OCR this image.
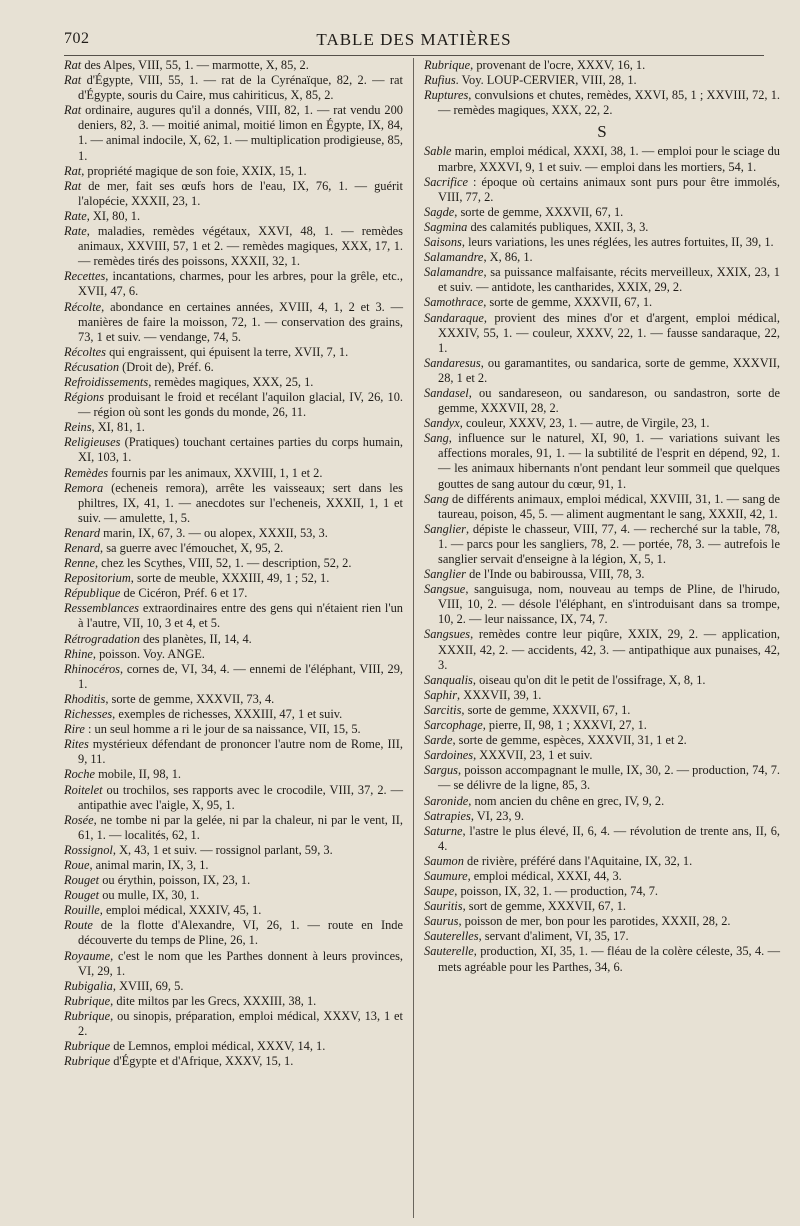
702	TABLE DES MATIÈRES
Rat des Alpes, VIII, 55, 1. — marmotte, X, 85, 2.
Rat d'Égypte, VIII, 55, 1. — rat de la Cyrénaïque, 82, 2. — rat d'Égypte, souris du Caire, mus cahiriticus, X, 85, 2.
Rat ordinaire, augures qu'il a donnés, VIII, 82, 1. — rat vendu 200 deniers, 82, 3. — moitié animal, moitié limon en Égypte, IX, 84, 1. — animal indocile, X, 62, 1. — multiplication prodigieuse, 85, 1.
Rat, propriété magique de son foie, XXIX, 15, 1.
Rat de mer, fait ses œufs hors de l'eau, IX, 76, 1. — guérit l'alopécie, XXXII, 23, 1.
Rate, XI, 80, 1.
Rate, maladies, remèdes végétaux, XXVI, 48, 1. — remèdes animaux, XXVIII, 57, 1 et 2. — remèdes magiques, XXX, 17, 1. — remèdes tirés des poissons, XXXII, 32, 1.
Recettes, incantations, charmes, pour les arbres, pour la grêle, etc., XVII, 47, 6.
Récolte, abondance en certaines années, XVIII, 4, 1, 2 et 3. — manières de faire la moisson, 72, 1. — conservation des grains, 73, 1 et suiv. — vendange, 74, 5.
Récoltes qui engraissent, qui épuisent la terre, XVII, 7, 1.
Récusation (Droit de), Préf. 6.
Refroidissements, remèdes magiques, XXX, 25, 1.
Régions produisant le froid et recélant l'aquilon glacial, IV, 26, 10. — région où sont les gonds du monde, 26, 11.
Reins, XI, 81, 1.
Religieuses (Pratiques) touchant certaines parties du corps humain, XI, 103, 1.
Remèdes fournis par les animaux, XXVIII, 1, 1 et 2.
Remora (echeneis remora), arrête les vaisseaux; sert dans les philtres, IX, 41, 1. — anecdotes sur l'echeneis, XXXII, 1, 1 et suiv. — amulette, 1, 5.
Renard marin, IX, 67, 3. — ou alopex, XXXII, 53, 3.
Renard, sa guerre avec l'émouchet, X, 95, 2.
Renne, chez les Scythes, VIII, 52, 1. — description, 52, 2.
Repositorium, sorte de meuble, XXXIII, 49, 1 ; 52, 1.
République de Cicéron, Préf. 6 et 17.
Ressemblances extraordinaires entre des gens qui n'étaient rien l'un à l'autre, VII, 10, 3 et 4, et 5.
Rétrogradation des planètes, II, 14, 4.
Rhine, poisson. Voy. ANGE.
Rhinocéros, cornes de, VI, 34, 4. — ennemi de l'éléphant, VIII, 29, 1.
Rhoditis, sorte de gemme, XXXVII, 73, 4.
Richesses, exemples de richesses, XXXIII, 47, 1 et suiv.
Rire : un seul homme a ri le jour de sa naissance, VII, 15, 5.
Rites mystérieux défendant de prononcer l'autre nom de Rome, III, 9, 11.
Roche mobile, II, 98, 1.
Roitelet ou trochilos, ses rapports avec le crocodile, VIII, 37, 2. — antipathie avec l'aigle, X, 95, 1.
Rosée, ne tombe ni par la gelée, ni par la chaleur, ni par le vent, II, 61, 1. — localités, 62, 1.
Rossignol, X, 43, 1 et suiv. — rossignol parlant, 59, 3.
Roue, animal marin, IX, 3, 1.
Rouget ou érythin, poisson, IX, 23, 1.
Rouget ou mulle, IX, 30, 1.
Rouille, emploi médical, XXXIV, 45, 1.
Route de la flotte d'Alexandre, VI, 26, 1. — route en Inde découverte du temps de Pline, 26, 1.
Royaume, c'est le nom que les Parthes donnent à leurs provinces, VI, 29, 1.
Rubigalia, XVIII, 69, 5.
Rubrique, dite miltos par les Grecs, XXXIII, 38, 1.
Rubrique, ou sinopis, préparation, emploi médical, XXXV, 13, 1 et 2.
Rubrique de Lemnos, emploi médical, XXXV, 14, 1.
Rubrique d'Égypte et d'Afrique, XXXV, 15, 1.
Rubrique, provenant de l'ocre, XXXV, 16, 1.
Rufius. Voy. LOUP-CERVIER, VIII, 28, 1.
Ruptures, convulsions et chutes, remèdes, XXVI, 85, 1 ; XXVIII, 72, 1. — remèdes magiques, XXX, 22, 2.
S
Sable marin, emploi médical, XXXI, 38, 1. — emploi pour le sciage du marbre, XXXVI, 9, 1 et suiv. — emploi dans les mortiers, 54, 1.
Sacrifice : époque où certains animaux sont purs pour être immolés, VIII, 77, 2.
Sagde, sorte de gemme, XXXVII, 67, 1.
Sagmina des calamités publiques, XXII, 3, 3.
Saisons, leurs variations, les unes réglées, les autres fortuites, II, 39, 1.
Salamandre, X, 86, 1.
Salamandre, sa puissance malfaisante, récits merveilleux, XXIX, 23, 1 et suiv. — antidote, les cantharides, XXIX, 29, 2.
Samothrace, sorte de gemme, XXXVII, 67, 1.
Sandaraque, provient des mines d'or et d'argent, emploi médical, XXXIV, 55, 1. — couleur, XXXV, 22, 1. — fausse sandaraque, 22, 1.
Sandaresus, ou garamantites, ou sandarica, sorte de gemme, XXXVII, 28, 1 et 2.
Sandasel, ou sandareseon, ou sandareson, ou sandastron, sorte de gemme, XXXVII, 28, 2.
Sandyx, couleur, XXXV, 23, 1. — autre, de Virgile, 23, 1.
Sang, influence sur le naturel, XI, 90, 1. — variations suivant les affections morales, 91, 1. — la subtilité de l'esprit en dépend, 92, 1. — les animaux hibernants n'ont pendant leur sommeil que quelques gouttes de sang autour du cœur, 91, 1.
Sang de différents animaux, emploi médical, XXVIII, 31, 1. — sang de taureau, poison, 45, 5. — aliment augmentant le sang, XXXII, 42, 1.
Sanglier, dépiste le chasseur, VIII, 77, 4. — recherché sur la table, 78, 1. — parcs pour les sangliers, 78, 2. — portée, 78, 3. — autrefois le sanglier servait d'enseigne à la légion, X, 5, 1.
Sanglier de l'Inde ou babiroussa, VIII, 78, 3.
Sangsue, sanguisuga, nom, nouveau au temps de Pline, de l'hirudo, VIII, 10, 2. — désole l'éléphant, en s'introduisant dans sa trompe, 10, 2. — leur naissance, IX, 74, 7.
Sangsues, remèdes contre leur piqûre, XXIX, 29, 2. — application, XXXII, 42, 2. — accidents, 42, 3. — antipathique aux punaises, 42, 3.
Sanqualis, oiseau qu'on dit le petit de l'ossifrage, X, 8, 1.
Saphir, XXXVII, 39, 1.
Sarcitis, sorte de gemme, XXXVII, 67, 1.
Sarcophage, pierre, II, 98, 1 ; XXXVI, 27, 1.
Sarde, sorte de gemme, espèces, XXXVII, 31, 1 et 2.
Sardoines, XXXVII, 23, 1 et suiv.
Sargus, poisson accompagnant le mulle, IX, 30, 2. — production, 74, 7. — se délivre de la ligne, 85, 3.
Saronide, nom ancien du chêne en grec, IV, 9, 2.
Satrapies, VI, 23, 9.
Saturne, l'astre le plus élevé, II, 6, 4. — révolution de trente ans, II, 6, 4.
Saumon de rivière, préféré dans l'Aquitaine, IX, 32, 1.
Saumure, emploi médical, XXXI, 44, 3.
Saupe, poisson, IX, 32, 1. — production, 74, 7.
Sauritis, sort de gemme, XXXVII, 67, 1.
Saurus, poisson de mer, bon pour les parotides, XXXII, 28, 2.
Sauterelles, servant d'aliment, VI, 35, 17.
Sauterelle, production, XI, 35, 1. — fléau de la colère céleste, 35, 4. — mets agréable pour les Parthes, 34, 6.
